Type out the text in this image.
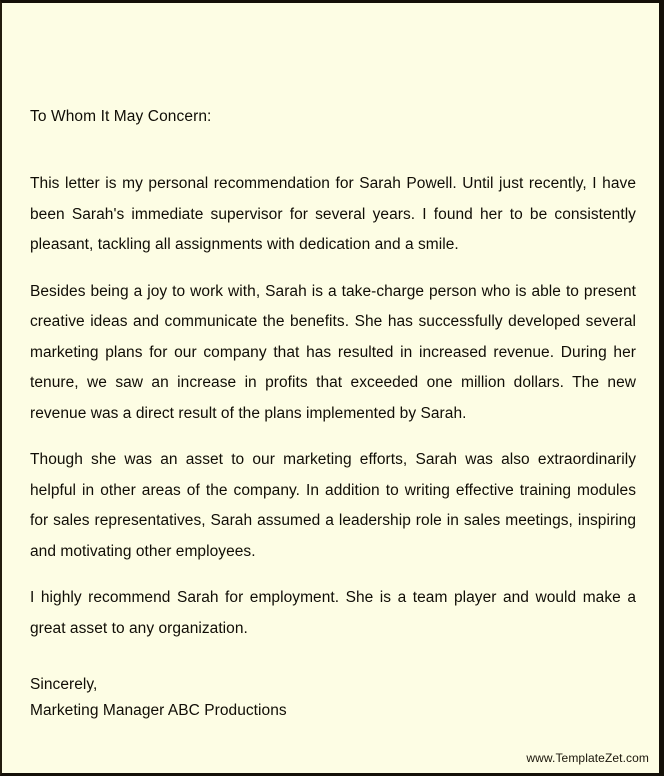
To Whom It May Concern:

This letter is my personal recommendation for Sarah Powell. Until just recently, I have been Sarah's immediate supervisor for several years. I found her to be consistently pleasant, tackling all assignments with dedication and a smile.

Besides being a joy to work with, Sarah is a take-charge person who is able to present creative ideas and communicate the benefits. She has successfully developed several marketing plans for our company that has resulted in increased revenue. During her tenure, we saw an increase in profits that exceeded one million dollars. The new revenue was a direct result of the plans implemented by Sarah.

Though she was an asset to our marketing efforts, Sarah was also extraordinarily helpful in other areas of the company. In addition to writing effective training modules for sales representatives, Sarah assumed a leadership role in sales meetings, inspiring and motivating other employees.

I highly recommend Sarah for employment. She is a team player and would make a great asset to any organization.

Sincerely,

Marketing Manager ABC Productions

www.TemplateZet.com
